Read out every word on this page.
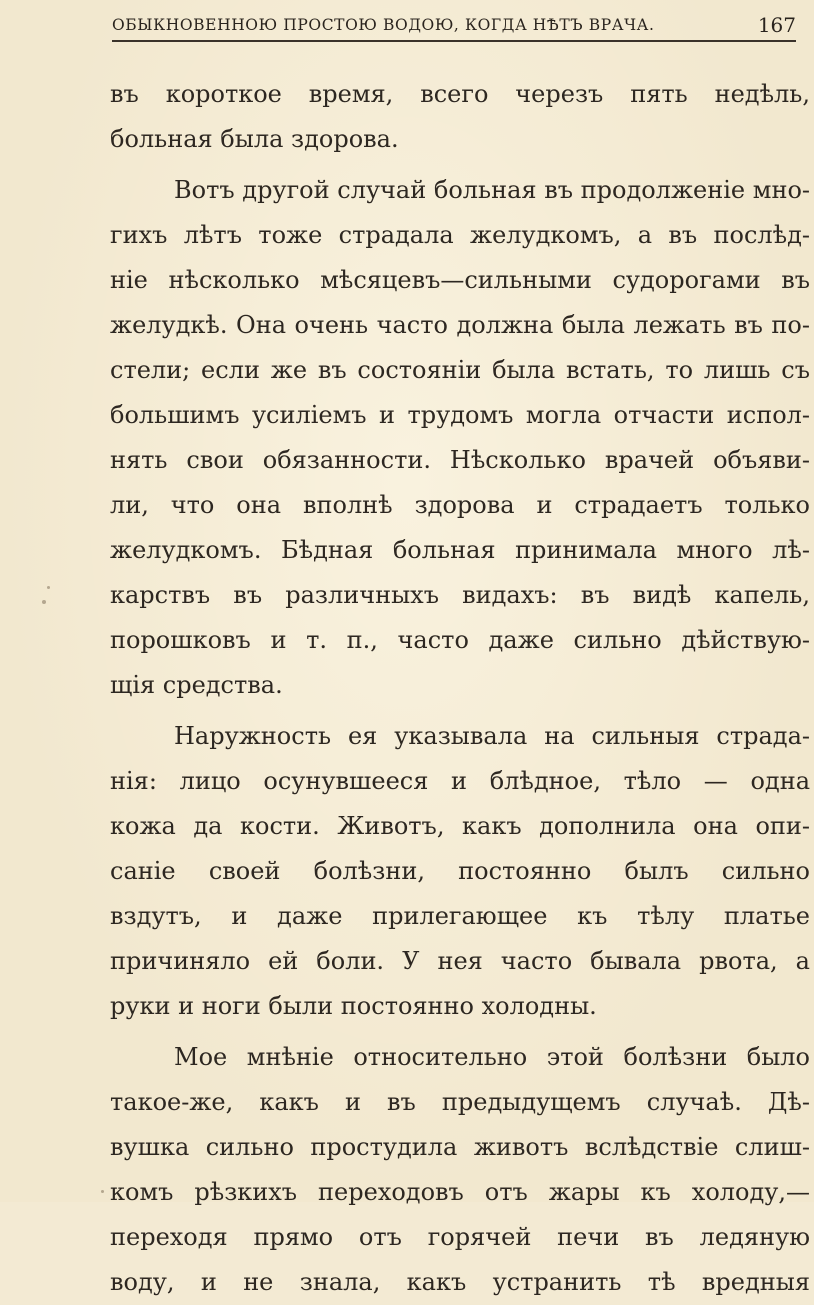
ОБЫКНОВЕННОЮ ПРОСТОЮ ВОДОЮ, КОГДА НѢТЪ ВРАЧА.	167
въ короткое время, всего черезъ пять недѣль,
больная была здорова.
Вотъ другой случай больная въ продолженіе мно-
гихъ лѣтъ тоже страдала желудкомъ, а въ послѣд-
ніе нѣсколько мѣсяцевъ—сильными судорогами въ
желудкѣ. Она очень часто должна была лежать въ по-
стели; если же въ состояніи была встать, то лишь съ
большимъ усиліемъ и трудомъ могла отчасти испол-
нять свои обязанности. Нѣсколько врачей объяви-
ли, что она вполнѣ здорова и страдаетъ только
желудкомъ. Бѣдная больная принимала много лѣ-
карствъ въ различныхъ видахъ: въ видѣ капель,
порошковъ и т. п., часто даже сильно дѣйствую-
щія средства.
Наружность ея указывала на сильныя страда-
нія: лицо осунувшееся и блѣдное, тѣло — одна
кожа да кости. Животъ, какъ дополнила она опи-
саніе своей болѣзни, постоянно былъ сильно
вздутъ, и даже прилегающее къ тѣлу платье
причиняло ей боли. У нея часто бывала рвота, а
руки и ноги были постоянно холодны.
Мое мнѣніе относительно этой болѣзни было
такое-же, какъ и въ предыдущемъ случаѣ. Дѣ-
вушка сильно простудила животъ вслѣдствіе слиш-
комъ рѣзкихъ переходовъ отъ жары къ холоду,—
переходя прямо отъ горячей печи въ ледяную
воду, и не знала, какъ устранить тѣ вредныя
